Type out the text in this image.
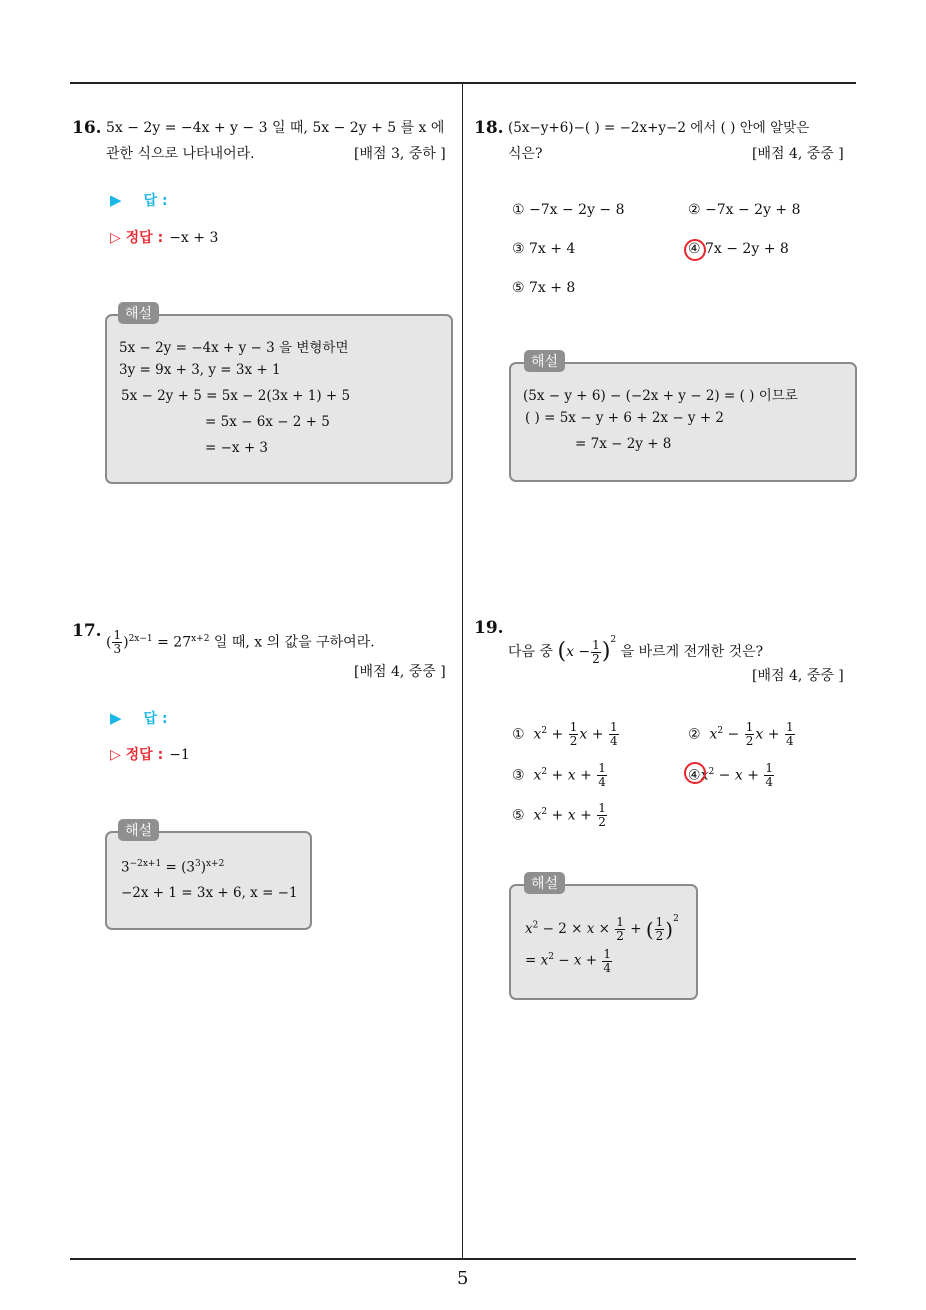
5
16. 5x − 2y = −4x + y − 3 일 때, 5x − 2y + 5 를 x 에
관한 식으로 나타내어라.	[배점 3, 중하 ]
▶ 답 :
▷ 정답 : −x + 3
5x − 2y = −4x + y − 3 을 변형하면
3y = 9x + 3, y = 3x + 1
5x − 2y + 5 = 5x − 2(3x + 1) + 5
= 5x − 6x − 2 + 5
= −x + 3
해설
17.
( $\frac{1}{3} )^{2x-1} = 27^{x+2}$ 일 때, x 의 값을 구하여라.
[배점 4, 중중 ]
▶ 답 :
▷ 정답 : −1
$3^{-2x+1} = (3^3)^{x+2}$
−2x + 1 = 3x + 6, x = −1
해설
18. (5x−y+6)−( ) = −2x+y−2 에서 ( ) 안에 알맞은
식은?	[배점 4, 중중 ]
① −7x − 2y − 8	② −7x − 2y + 8
③ 7x + 4	④ 7x − 2y + 8
⑤ 7x + 8
(5x − y + 6) − (−2x + y − 2) = ( ) 이므로
( ) = 5x − y + 6 + 2x − y + 2
= 7x − 2y + 8
해설
19.
다음 중 $(x - \frac{1}{2} )^2$ 을 바르게 전개한 것은?
[배점 4, 중중 ]
① $x^2 + \frac{1}{2}$ $x + \frac{1}{4}$	② $x^2 - \frac{1}{2}$ $x + \frac{1}{4}$
③ $x^2 + x + \frac{1}{4}$	$④x^2 - x + \frac{1}{4}$
⑤ $x^2 + x + \frac{1}{2}$
$x^2 - 2 \times x \times \frac{1}{2}$ + ( $\frac{1}{2} )^2$
= $x^2 - x + \frac{1}{4}$
해설
